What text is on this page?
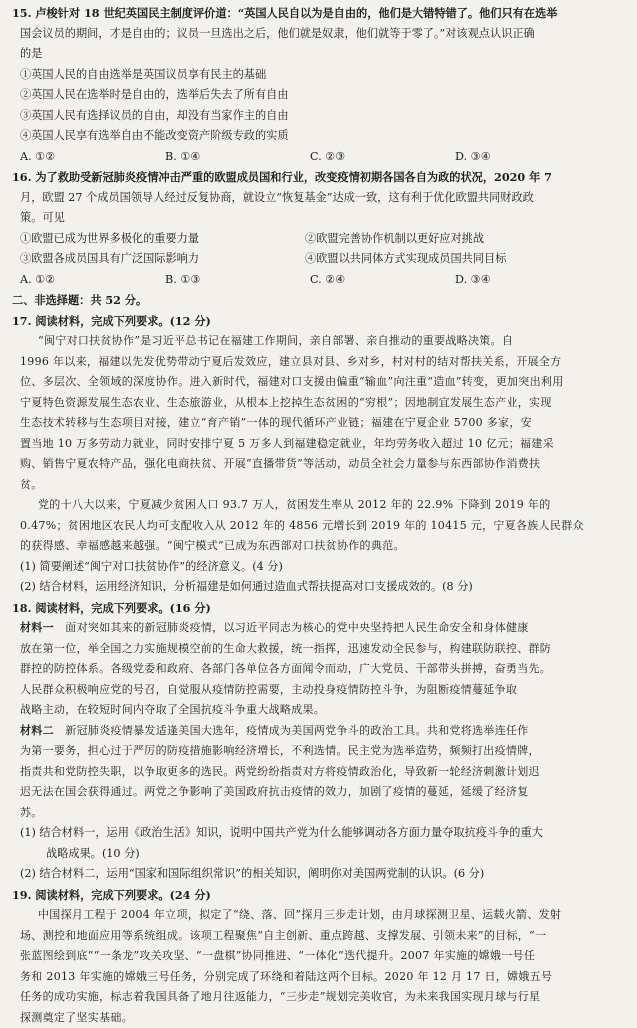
15. 卢梭针对 18 世纪英国民主制度评价道：“英国人民自以为是自由的，他们是大错特错了。他们只有在选举

国会议员的期间，才是自由的；议员一旦选出之后，他们就是奴隶，他们就等于零了。”对该观点认识正确

的是

①英国人民的自由选举是英国议员享有民主的基础

②英国人民在选举时是自由的，选举后失去了所有自由

③英国人民有选择议员的自由，却没有当家作主的自由

④英国人民享有选举自由不能改变资产阶级专政的实质

A. ①②	B. ①④	C. ②③	D. ③④

16. 为了救助受新冠肺炎疫情冲击严重的欧盟成员国和行业，改变疫情初期各国各自为政的状况，2020 年 7

月，欧盟 27 个成员国领导人经过反复协商，就设立“恢复基金”达成一致，这有利于优化欧盟共同财政政

策。可见

①欧盟已成为世界多极化的重要力量	②欧盟完善协作机制以更好应对挑战
③欧盟各成员国具有广泛国际影响力	④欧盟以共同体方式实现成员国共同目标
A. ①②	B. ①③	C. ②④	D. ③④

二、非选择题：共 52 分。

17. 阅读材料，完成下列要求。(12 分)

“闽宁对口扶贫协作”是习近平总书记在福建工作期间，亲自部署、亲自推动的重要战略决策。自

1996 年以来，福建以先发优势带动宁夏后发效应，建立县对县、乡对乡，村对村的结对帮扶关系，开展全方

位、多层次、全领域的深度协作。进入新时代，福建对口支援由偏重“输血”向注重“造血”转变，更加突出利用

宁夏特色资源发展生态农业、生态旅游业，从根本上挖掉生态贫困的“穷根”；因地制宜发展生态产业，实现

生态技术转移与生态项目对接，建立“育产销”一体的现代循环产业链；福建在宁夏企业 5700 多家，安

置当地 10 万多劳动力就业，同时安排宁夏 5 万多人到福建稳定就业，年均劳务收入超过 10 亿元；福建采

购、销售宁夏农特产品，强化电商扶贫、开展“直播带货”等活动，动员全社会力量参与东西部协作消费扶

贫。

党的十八大以来，宁夏减少贫困人口 93.7 万人，贫困发生率从 2012 年的 22.9% 下降到 2019 年的

0.47%；贫困地区农民人均可支配收入从 2012 年的 4856 元增长到 2019 年的 10415 元，宁夏各族人民群众

的获得感、幸福感越来越强。“闽宁模式”已成为东西部对口扶贫协作的典范。

(1) 简要阐述“闽宁对口扶贫协作”的经济意义。(4 分)

(2) 结合材料，运用经济知识，分析福建是如何通过造血式帮扶提高对口支援成效的。(8 分)

18. 阅读材料，完成下列要求。(16 分)

材料一 面对突如其来的新冠肺炎疫情，以习近平同志为核心的党中央坚持把人民生命安全和身体健康

放在第一位，举全国之力实施规模空前的生命大救援，统一指挥，迅速发动全民参与，构建联防联控、群防

群控的防控体系。各级党委和政府、各部门各单位各方面闻令而动，广大党员、干部带头拼搏，奋勇当先。

人民群众积极响应党的号召，自觉服从疫情防控需要，主动投身疫情防控斗争，为阻断疫情蔓延争取

战略主动，在较短时间内夺取了全国抗疫斗争重大战略成果。

材料二 新冠肺炎疫情暴发适逢美国大选年，疫情成为美国两党争斗的政治工具。共和党将选举连任作

为第一要务，担心过于严厉的防疫措施影响经济增长，不利选情。民主党为选举造势，频频打出疫情牌，

指责共和党防控失职，以争取更多的选民。两党纷纷指责对方将疫情政治化，导致新一轮经济刺激计划迟

迟无法在国会获得通过。两党之争影响了美国政府抗击疫情的效力，加剧了疫情的蔓延，延缓了经济复

苏。

(1) 结合材料一，运用《政治生活》知识，说明中国共产党为什么能够调动各方面力量夺取抗疫斗争的重大

战略成果。(10 分)

(2) 结合材料二，运用“国家和国际组织常识”的相关知识，阐明你对美国两党制的认识。(6 分)

19. 阅读材料，完成下列要求。(24 分)

中国探月工程于 2004 年立项，拟定了“绕、落、回”探月三步走计划，由月球探测卫星、运载火箭、发射

场、测控和地面应用等系统组成。该项工程聚焦“自主创新、重点跨越、支撑发展、引领未来”的目标，“一

张蓝图绘到底”“一条龙”攻关攻坚、“一盘棋”协同推进、“一体化”迭代提升。2007 年实施的嫦娥一号任

务和 2013 年实施的嫦娥三号任务，分别完成了环绕和着陆这两个目标。2020 年 12 月 17 日，嫦娥五号

任务的成功实施，标志着我国具备了地月往返能力，“三步走”规划完美收官，为未来我国实现月球与行星

探测奠定了坚实基础。
